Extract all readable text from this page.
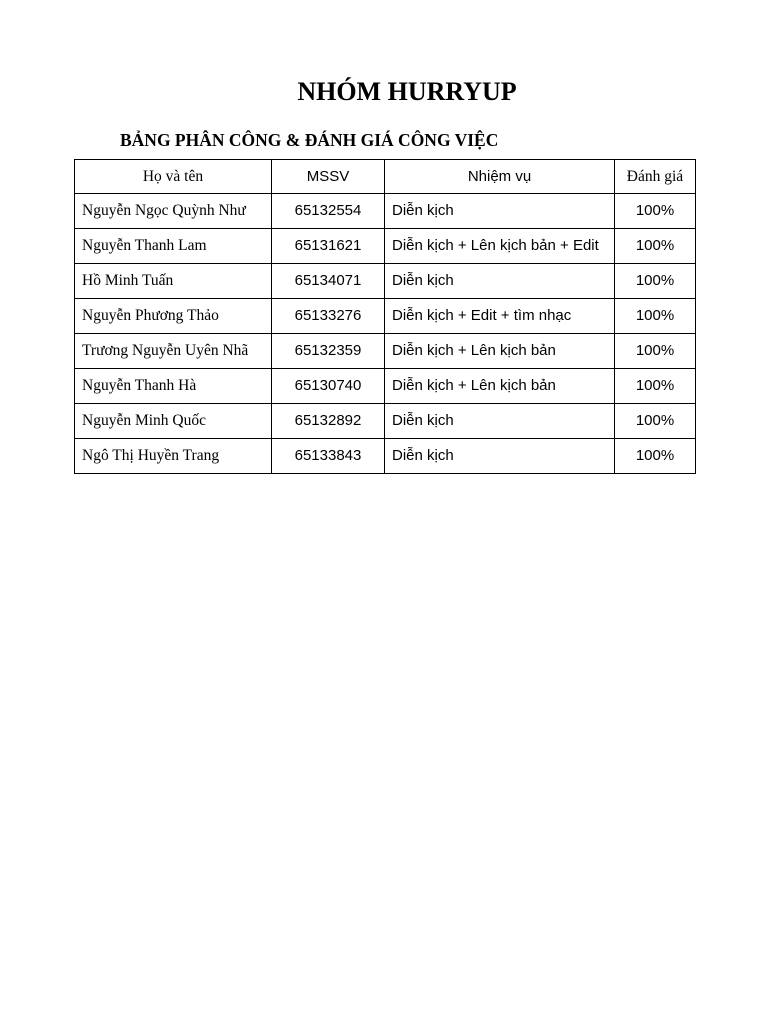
NHÓM HURRYUP
BẢNG PHÂN CÔNG & ĐÁNH GIÁ CÔNG VIỆC
Họ và tên	MSSV	Nhiệm vụ	Đánh giá
Nguyễn Ngọc Quỳnh Như	65132554	Diễn kịch	100%
Nguyễn Thanh Lam	65131621	Diễn kịch + Lên kịch bản + Edit	100%
Hồ Minh Tuấn	65134071	Diễn kịch	100%
Nguyễn Phương Thảo	65133276	Diễn kịch + Edit + tìm nhạc	100%
Trương Nguyễn Uyên Nhã	65132359	Diễn kịch + Lên kịch bản	100%
Nguyễn Thanh Hà	65130740	Diễn kịch + Lên kịch bản	100%
Nguyễn Minh Quốc	65132892	Diễn kịch	100%
Ngô Thị Huyền Trang	65133843	Diễn kịch	100%
